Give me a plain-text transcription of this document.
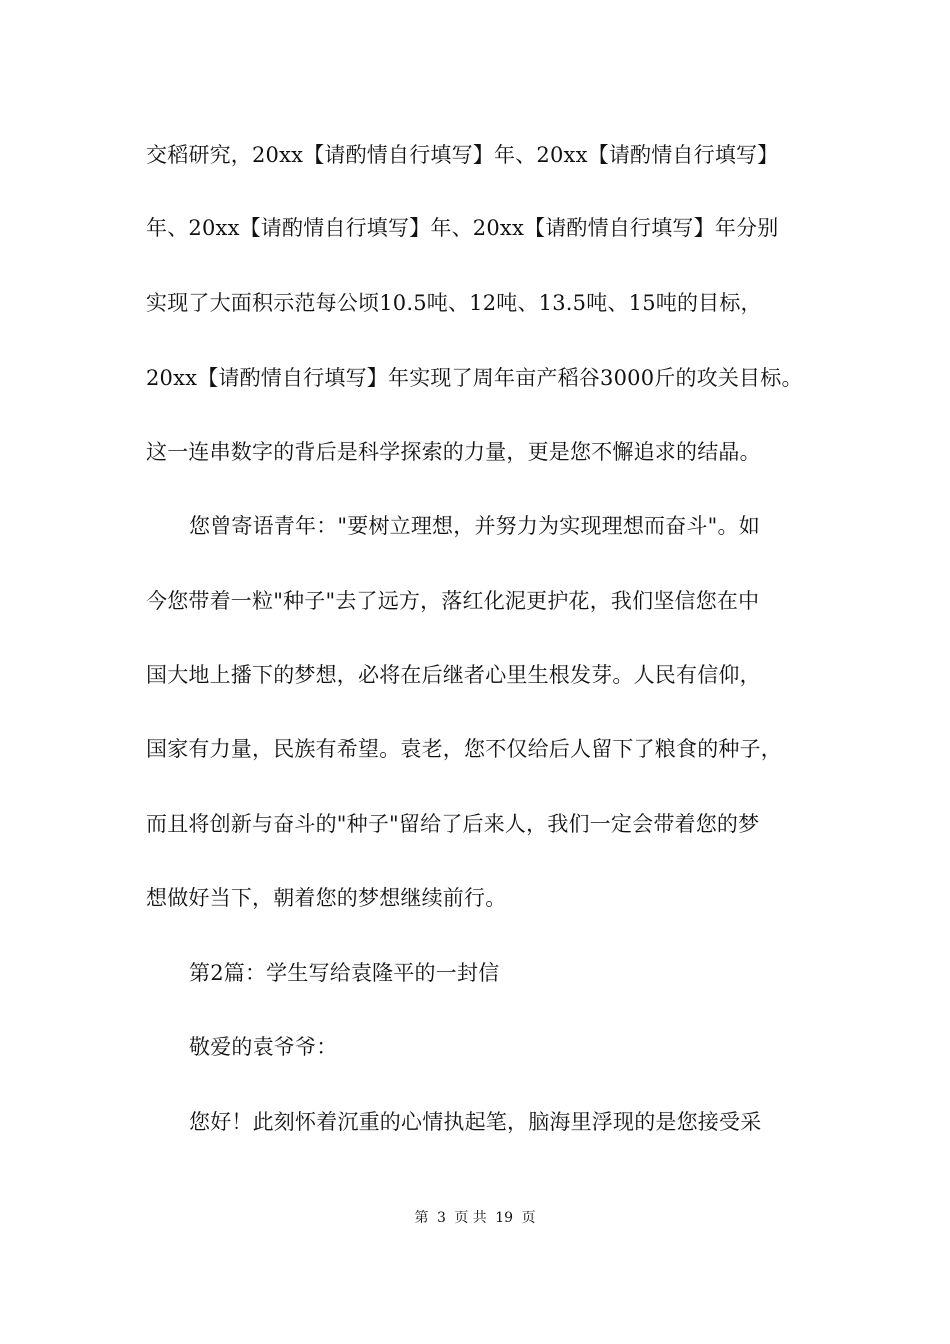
交稻研究，20xx【请酌情自行填写】年、20xx【请酌情自行填写】
年、20xx【请酌情自行填写】年、20xx【请酌情自行填写】年分别
实现了大面积示范每公顷10.5吨、12吨、13.5吨、15吨的目标，
20xx【请酌情自行填写】年实现了周年亩产稻谷3000斤的攻关目标。
这一连串数字的背后是科学探索的力量，更是您不懈追求的结晶。
您曾寄语青年："要树立理想，并努力为实现理想而奋斗"。如
今您带着一粒"种子"去了远方，落红化泥更护花，我们坚信您在中
国大地上播下的梦想，必将在后继者心里生根发芽。人民有信仰，
国家有力量，民族有希望。袁老，您不仅给后人留下了粮食的种子，
而且将创新与奋斗的"种子"留给了后来人，我们一定会带着您的梦
想做好当下，朝着您的梦想继续前行。
第2篇：学生写给袁隆平的一封信
敬爱的袁爷爷：
您好！此刻怀着沉重的心情执起笔，脑海里浮现的是您接受采
第 3 页 共 19 页
